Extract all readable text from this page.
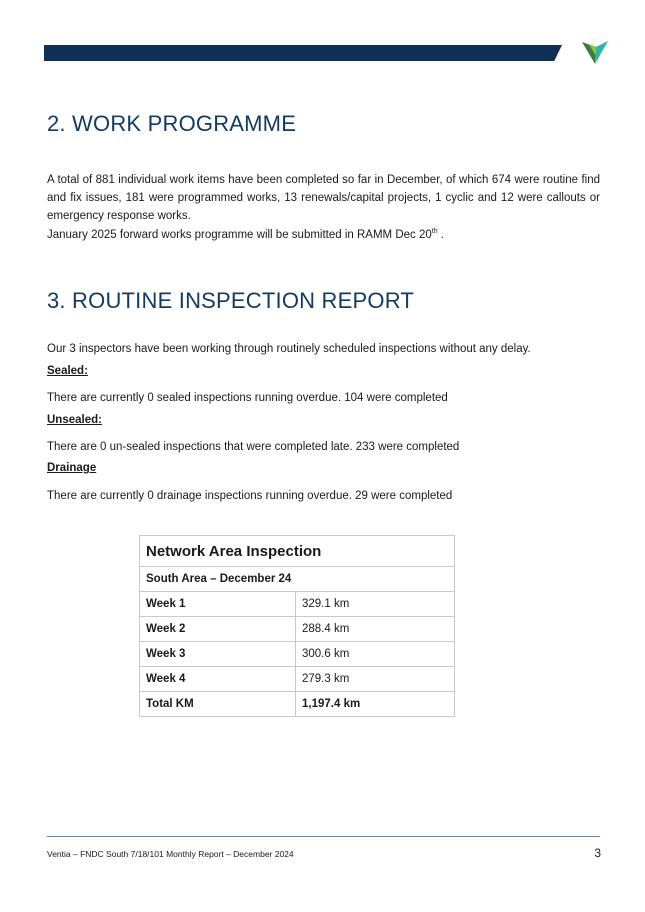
2. WORK PROGRAMME

A total of 881 individual work items have been completed so far in December, of which 674 were routine find and fix issues, 181 were programmed works, 13 renewals/capital projects, 1 cyclic and 12 were callouts or emergency response works.

January 2025 forward works programme will be submitted in RAMM Dec 20th .

3. ROUTINE INSPECTION REPORT

Our 3 inspectors have been working through routinely scheduled inspections without any delay.

Sealed:

There are currently 0 sealed inspections running overdue. 104 were completed

Unsealed:

There are 0 un-sealed inspections that were completed late. 233 were completed

Drainage

There are currently 0 drainage inspections running overdue. 29 were completed

Network Area Inspection	
South Area – December 24	
Week 1	329.1 km
Week 2	288.4 km
Week 3	300.6 km
Week 4	279.3 km
Total KM	1,197.4 km
Ventia – FNDC South 7/18/101 Monthly Report – December 2024	3
